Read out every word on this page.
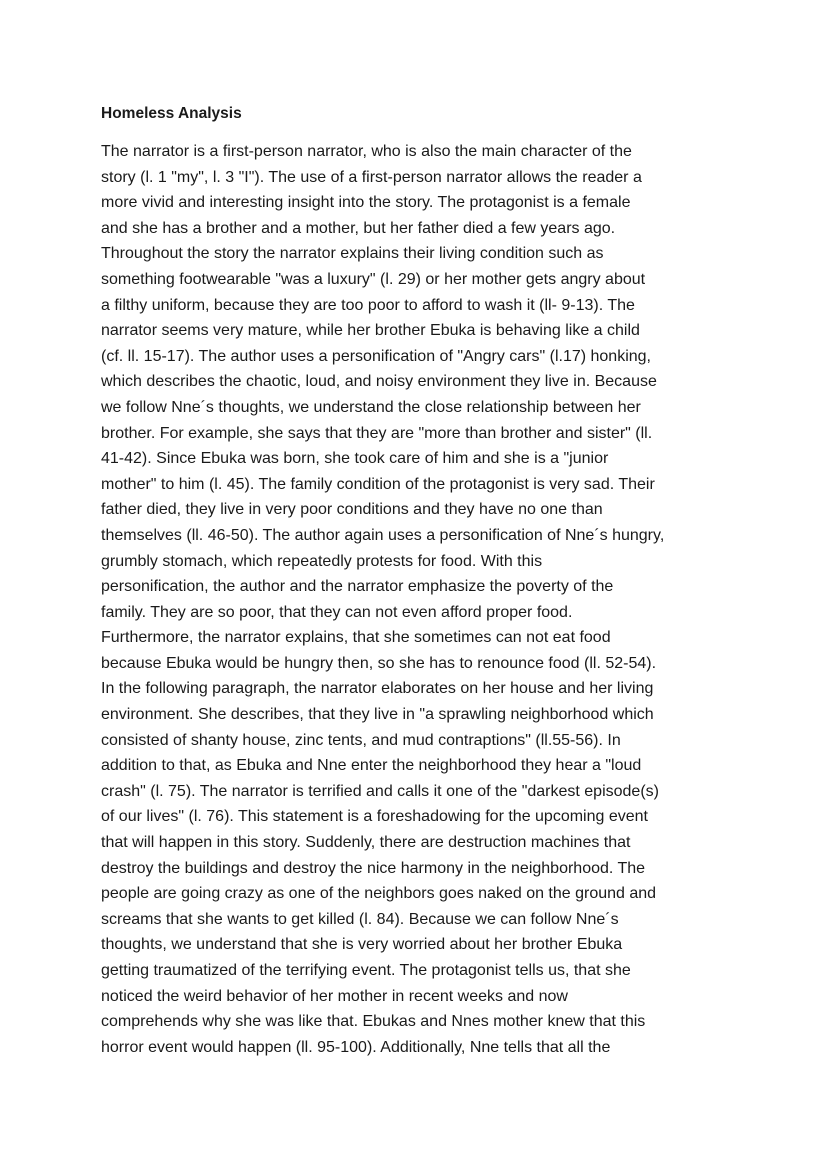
Homeless Analysis
The narrator is a first-person narrator, who is also the main character of the
story (l. 1 "my", l. 3 "I"). The use of a first-person narrator allows the reader a
more vivid and interesting insight into the story. The protagonist is a female
and she has a brother and a mother, but her father died a few years ago.
Throughout the story the narrator explains their living condition such as
something footwearable "was a luxury" (l. 29) or her mother gets angry about
a filthy uniform, because they are too poor to afford to wash it (ll- 9-13). The
narrator seems very mature, while her brother Ebuka is behaving like a child
(cf. ll. 15-17). The author uses a personification of "Angry cars" (l.17) honking,
which describes the chaotic, loud, and noisy environment they live in. Because
we follow Nne´s thoughts, we understand the close relationship between her
brother. For example, she says that they are "more than brother and sister" (ll.
41-42). Since Ebuka was born, she took care of him and she is a "junior
mother" to him (l. 45). The family condition of the protagonist is very sad. Their
father died, they live in very poor conditions and they have no one than
themselves (ll. 46-50). The author again uses a personification of Nne´s hungry,
grumbly stomach, which repeatedly protests for food. With this
personification, the author and the narrator emphasize the poverty of the
family. They are so poor, that they can not even afford proper food.
Furthermore, the narrator explains, that she sometimes can not eat food
because Ebuka would be hungry then, so she has to renounce food (ll. 52-54).
In the following paragraph, the narrator elaborates on her house and her living
environment. She describes, that they live in "a sprawling neighborhood which
consisted of shanty house, zinc tents, and mud contraptions" (ll.55-56). In
addition to that, as Ebuka and Nne enter the neighborhood they hear a "loud
crash" (l. 75). The narrator is terrified and calls it one of the "darkest episode(s)
of our lives" (l. 76). This statement is a foreshadowing for the upcoming event
that will happen in this story. Suddenly, there are destruction machines that
destroy the buildings and destroy the nice harmony in the neighborhood. The
people are going crazy as one of the neighbors goes naked on the ground and
screams that she wants to get killed (l. 84). Because we can follow Nne´s
thoughts, we understand that she is very worried about her brother Ebuka
getting traumatized of the terrifying event. The protagonist tells us, that she
noticed the weird behavior of her mother in recent weeks and now
comprehends why she was like that. Ebukas and Nnes mother knew that this
horror event would happen (ll. 95-100). Additionally, Nne tells that all the
